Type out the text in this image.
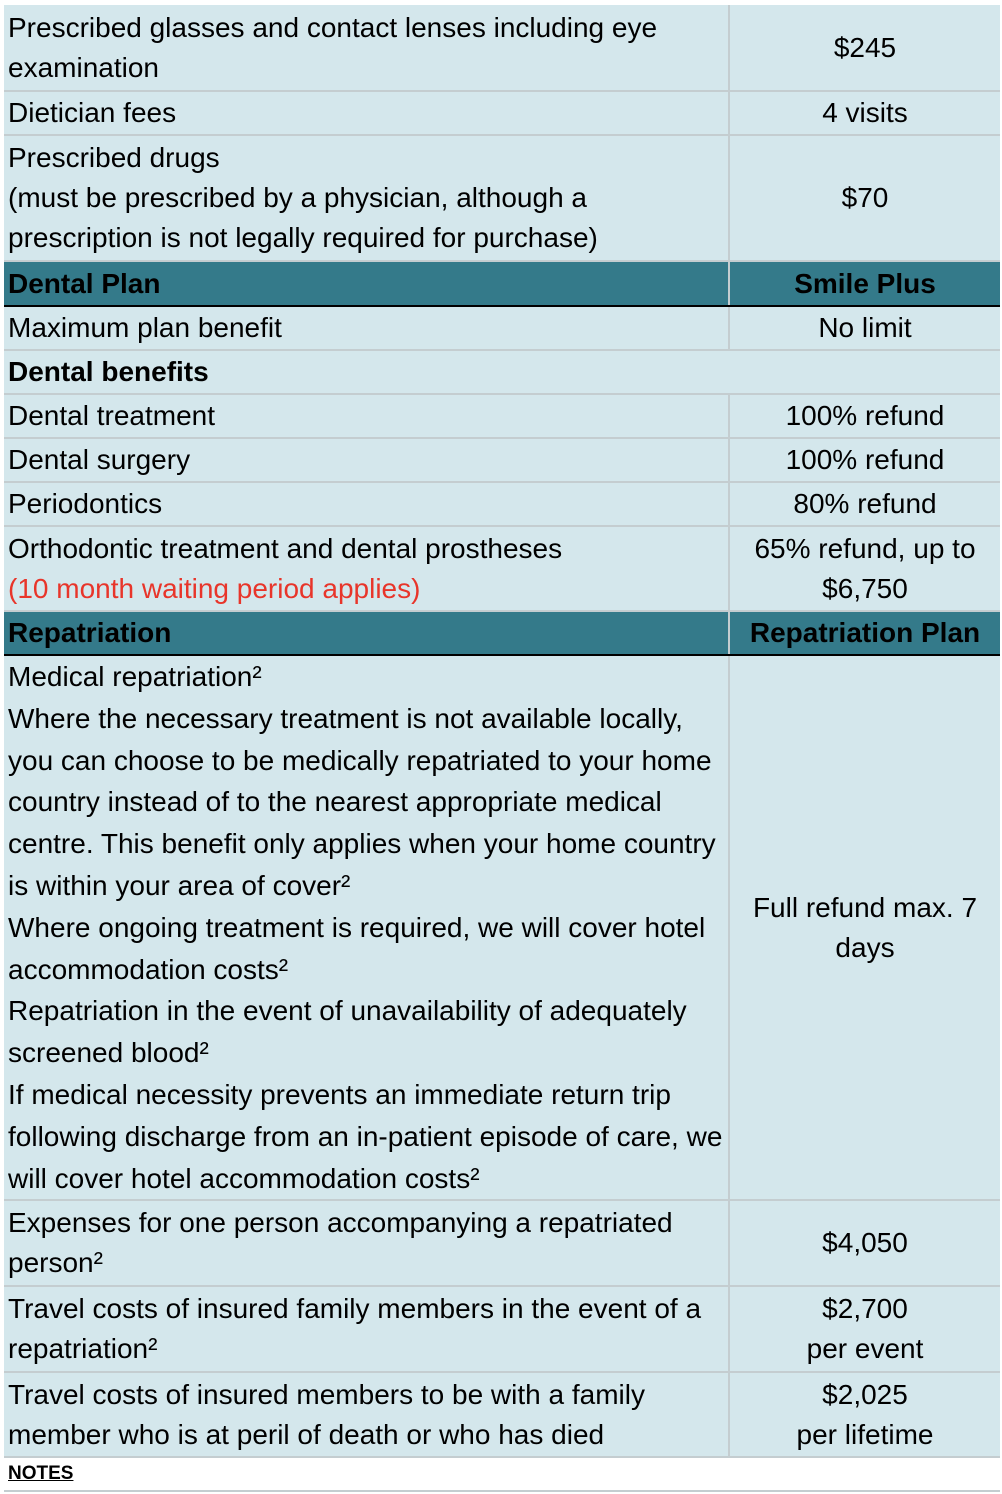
Prescribed glasses and contact lenses including eye examination	$245
Dietician fees	4 visits

Prescribed drugs
(must be prescribed by a physician, although a prescription is not legally required for purchase)	$70
Dental Plan	Smile Plus
Maximum plan benefit	No limit
Dental benefits	
Dental treatment	100% refund
Dental surgery	100% refund
Periodontics	80% refund

Orthodontic treatment and dental prostheses
(10 month waiting period applies)	65% refund, up to $6,750
Repatriation	Repatriation Plan

Medical repatriation²
Where the necessary treatment is not available locally, you can choose to be medically repatriated to your home country instead of to the nearest appropriate medical centre. This benefit only applies when your home country is within your area of cover²
Where ongoing treatment is required, we will cover hotel accommodation costs²
Repatriation in the event of unavailability of adequately screened blood²
If medical necessity prevents an immediate return trip following discharge from an in-patient episode of care, we will cover hotel accommodation costs²	Full refund max. 7 days
Expenses for one person accompanying a repatriated person²	$4,050

Travel costs of insured family members in the event of a repatriation²	$2,700
per event

Travel costs of insured members to be with a family member who is at peril of death or who has died	$2,025
per lifetime

NOTES	
